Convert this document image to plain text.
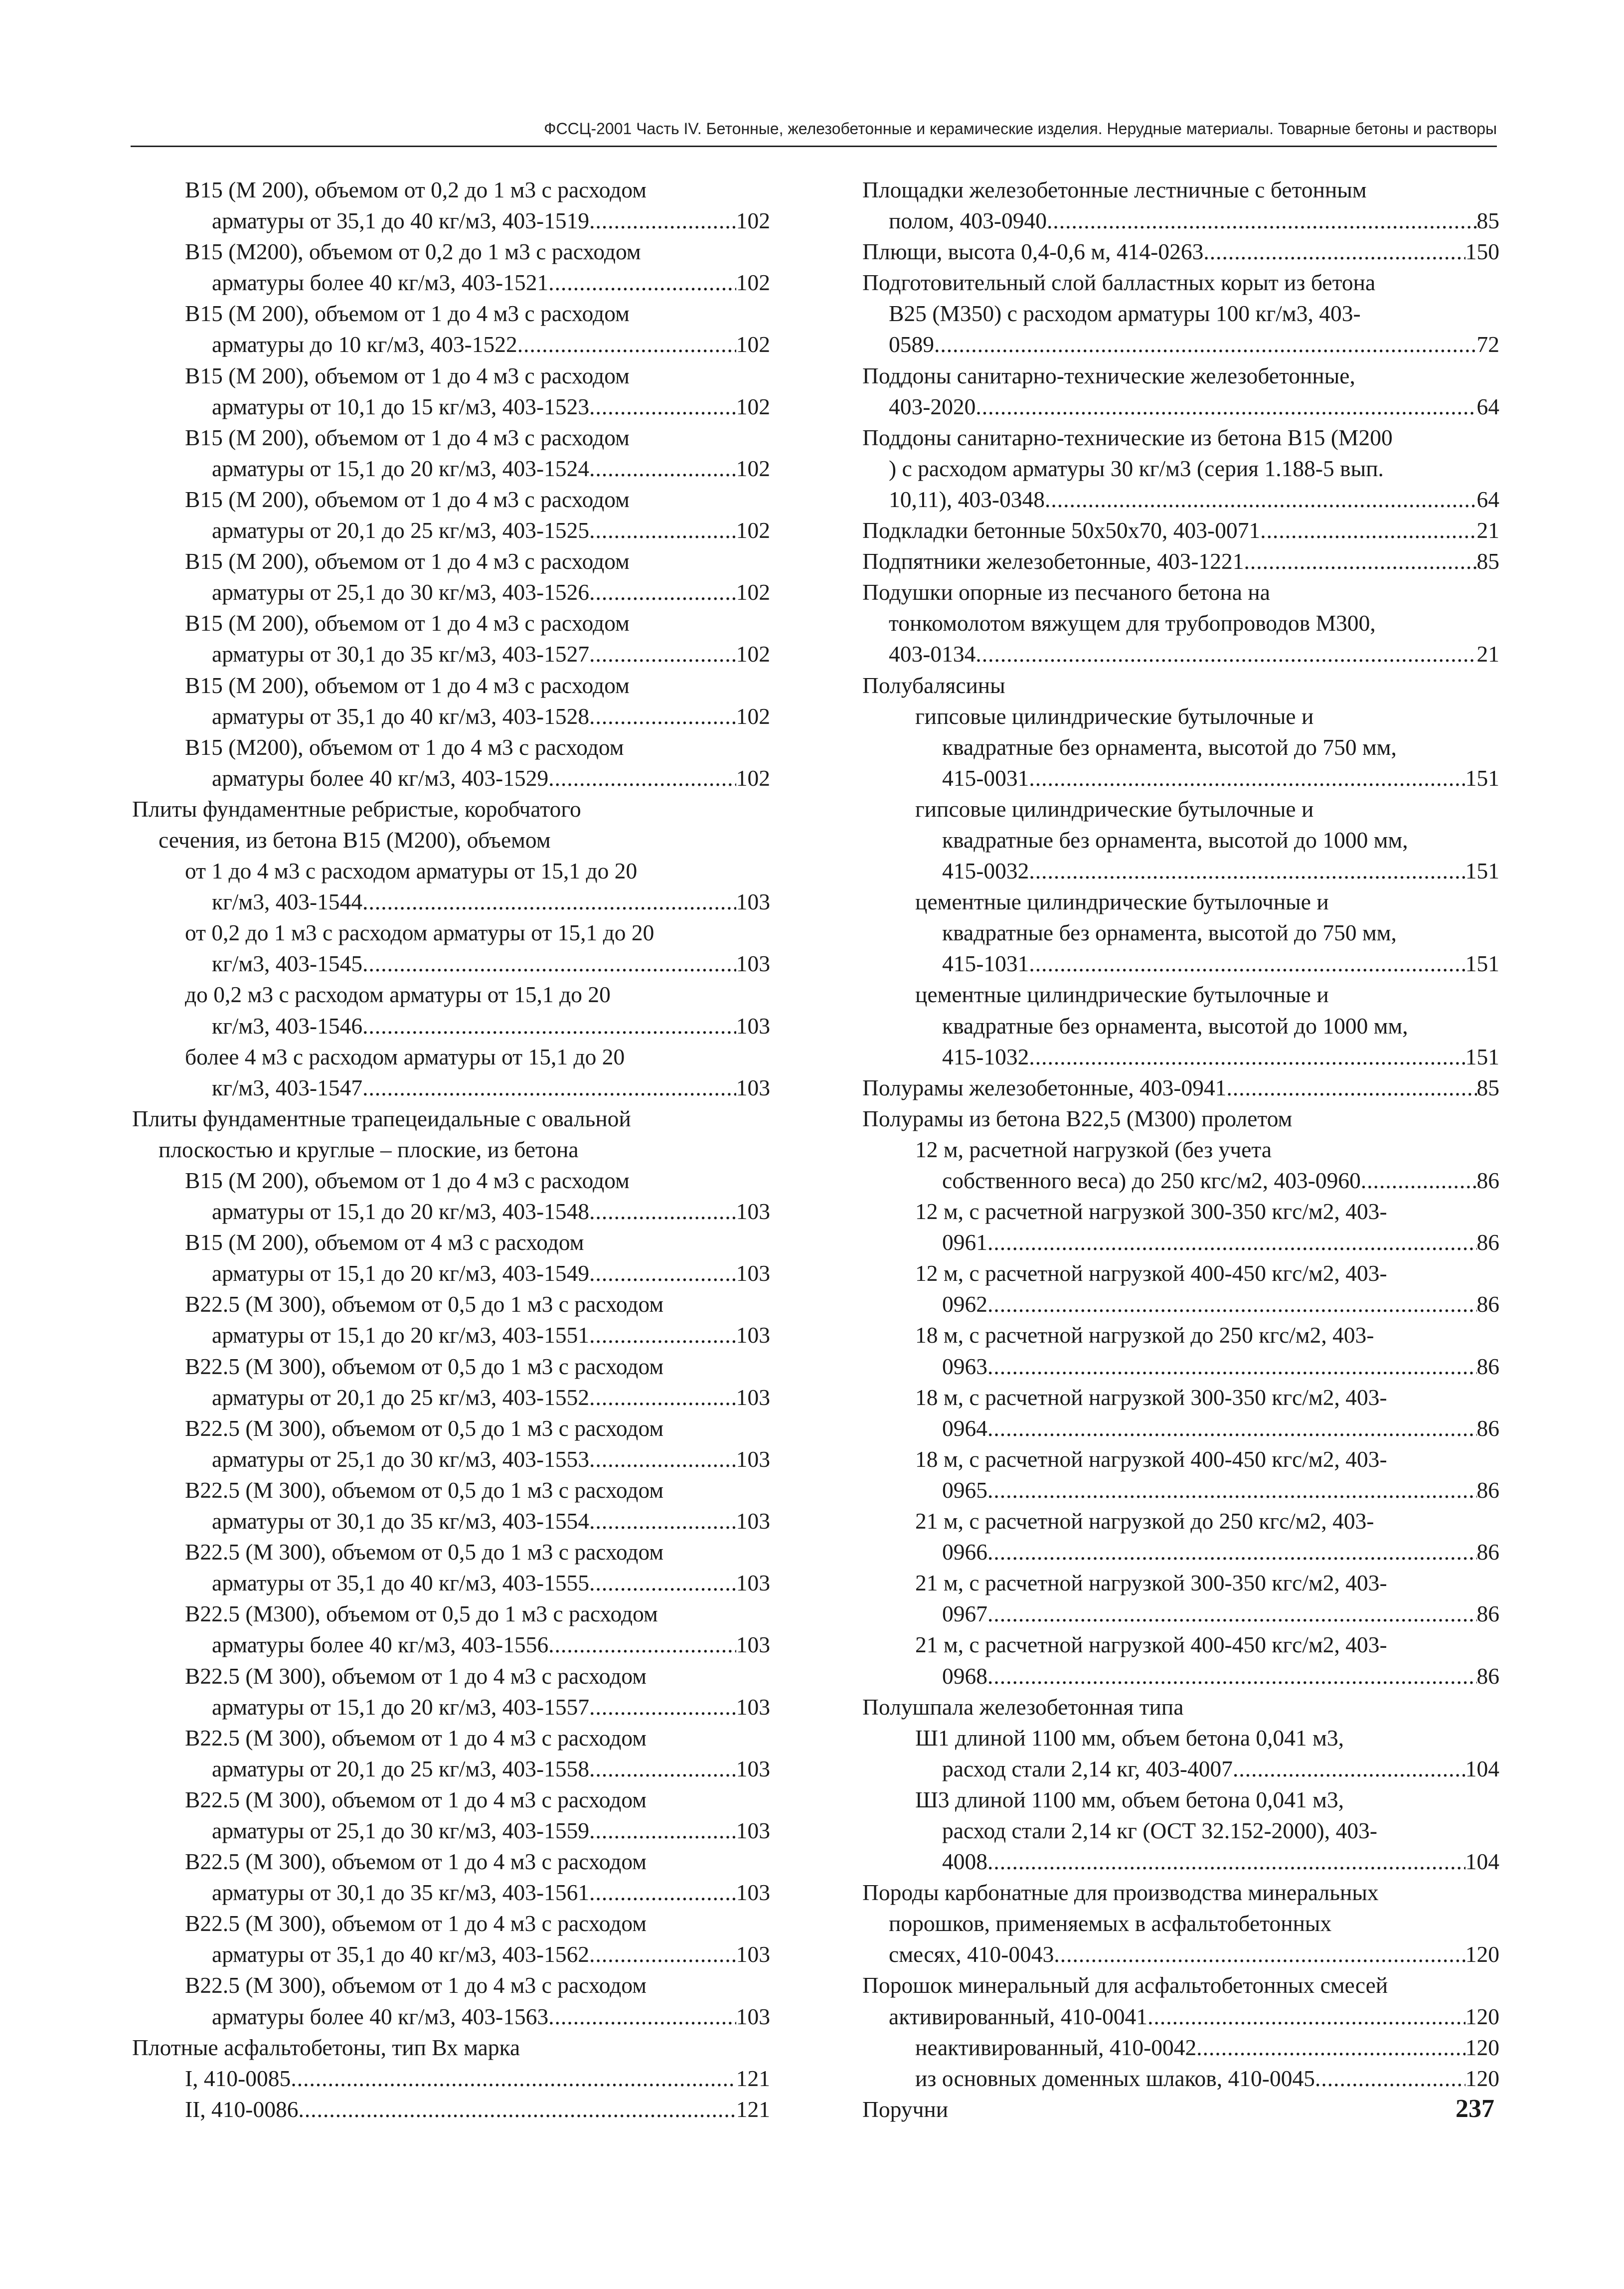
ФССЦ-2001 Часть IV. Бетонные, железобетонные и керамические изделия. Нерудные материалы. Товарные бетоны и растворы
B15 (M 200), объемом от 0,2 до 1 м3 с расходом
арматуры от 35,1 до 40 кг/м3, 403-1519 .....	102
B15 (M200), объемом от 0,2 до 1 м3 с расходом
арматуры более 40 кг/м3, 403-1521 .....	102
B15 (M 200), объемом от 1 до 4 м3 с расходом
арматуры до 10 кг/м3, 403-1522 .....	102
B15 (M 200), объемом от 1 до 4 м3 с расходом
арматуры от 10,1 до 15 кг/м3, 403-1523 .....	102
B15 (M 200), объемом от 1 до 4 м3 с расходом
арматуры от 15,1 до 20 кг/м3, 403-1524 .....	102
B15 (M 200), объемом от 1 до 4 м3 с расходом
арматуры от 20,1 до 25 кг/м3, 403-1525 .....	102
B15 (M 200), объемом от 1 до 4 м3 с расходом
арматуры от 25,1 до 30 кг/м3, 403-1526 .....	102
B15 (M 200), объемом от 1 до 4 м3 с расходом
арматуры от 30,1 до 35 кг/м3, 403-1527 .....	102
B15 (M 200), объемом от 1 до 4 м3 с расходом
арматуры от 35,1 до 40 кг/м3, 403-1528 .....	102
B15 (M200), объемом от 1 до 4 м3 с расходом
арматуры более 40 кг/м3, 403-1529 .....	102
Плиты фундаментные ребристые, коробчатого
сечения, из бетона B15 (M200), объемом
от 1 до 4 м3 с расходом арматуры от 15,1 до 20
кг/м3, 403-1544 .....	103
от 0,2 до 1 м3 с расходом арматуры от 15,1 до 20
кг/м3, 403-1545 .....	103
до 0,2 м3 с расходом арматуры от 15,1 до 20
кг/м3, 403-1546 .....	103
более 4 м3 с расходом арматуры от 15,1 до 20
кг/м3, 403-1547 .....	103
Плиты фундаментные трапецеидальные с овальной
плоскостью и круглые – плоские, из бетона
B15 (M 200), объемом от 1 до 4 м3 с расходом
арматуры от 15,1 до 20 кг/м3, 403-1548 .....	103
B15 (M 200), объемом от 4 м3 с расходом
арматуры от 15,1 до 20 кг/м3, 403-1549 .....	103
B22.5 (M 300), объемом от 0,5 до 1 м3 с расходом
арматуры от 15,1 до 20 кг/м3, 403-1551 .....	103
B22.5 (M 300), объемом от 0,5 до 1 м3 с расходом
арматуры от 20,1 до 25 кг/м3, 403-1552 .....	103
B22.5 (M 300), объемом от 0,5 до 1 м3 с расходом
арматуры от 25,1 до 30 кг/м3, 403-1553 .....	103
B22.5 (M 300), объемом от 0,5 до 1 м3 с расходом
арматуры от 30,1 до 35 кг/м3, 403-1554 .....	103
B22.5 (M 300), объемом от 0,5 до 1 м3 с расходом
арматуры от 35,1 до 40 кг/м3, 403-1555 .....	103
B22.5 (M300), объемом от 0,5 до 1 м3 с расходом
арматуры более 40 кг/м3, 403-1556 .....	103
B22.5 (M 300), объемом от 1 до 4 м3 с расходом
арматуры от 15,1 до 20 кг/м3, 403-1557 .....	103
B22.5 (M 300), объемом от 1 до 4 м3 с расходом
арматуры от 20,1 до 25 кг/м3, 403-1558 .....	103
B22.5 (M 300), объемом от 1 до 4 м3 с расходом
арматуры от 25,1 до 30 кг/м3, 403-1559 .....	103
B22.5 (M 300), объемом от 1 до 4 м3 с расходом
арматуры от 30,1 до 35 кг/м3, 403-1561 .....	103
B22.5 (M 300), объемом от 1 до 4 м3 с расходом
арматуры от 35,1 до 40 кг/м3, 403-1562 .....	103
B22.5 (M 300), объемом от 1 до 4 м3 с расходом
арматуры более 40 кг/м3, 403-1563 .....	103
Плотные асфальтобетоны, тип Вх марка
I, 410-0085 .....	121
II, 410-0086 .....	121
Площадки железобетонные лестничные с бетонным
полом, 403-0940 .....	85
Плющи, высота 0,4-0,6 м, 414-0263 .....	150
Подготовительный слой балластных корыт из бетона
B25 (M350) с расходом арматуры 100 кг/м3, 403-
0589 .....	72
Поддоны санитарно-технические железобетонные,
403-2020 .....	64
Поддоны санитарно-технические из бетона B15 (M200
) с расходом арматуры 30 кг/м3 (серия 1.188-5 вып.
10,11), 403-0348 .....	64
Подкладки бетонные 50x50x70, 403-0071 .....	21
Подпятники железобетонные, 403-1221 .....	85
Подушки опорные из песчаного бетона на
тонкомолотом вяжущем для трубопроводов M300,
403-0134 .....	21
Полубалясины
гипсовые цилиндрические бутылочные и
квадратные без орнамента, высотой до 750 мм,
415-0031 .....	151
гипсовые цилиндрические бутылочные и
квадратные без орнамента, высотой до 1000 мм,
415-0032 .....	151
цементные цилиндрические бутылочные и
квадратные без орнамента, высотой до 750 мм,
415-1031 .....	151
цементные цилиндрические бутылочные и
квадратные без орнамента, высотой до 1000 мм,
415-1032 .....	151
Полурамы железобетонные, 403-0941 .....	85
Полурамы из бетона B22,5 (M300) пролетом
12 м, расчетной нагрузкой (без учета
собственного веса) до 250 кгс/м2, 403-0960 .....	86
12 м, с расчетной нагрузкой 300-350 кгс/м2, 403-
0961 .....	86
12 м, с расчетной нагрузкой 400-450 кгс/м2, 403-
0962 .....	86
18 м, с расчетной нагрузкой до 250 кгс/м2, 403-
0963 .....	86
18 м, с расчетной нагрузкой 300-350 кгс/м2, 403-
0964 .....	86
18 м, с расчетной нагрузкой 400-450 кгс/м2, 403-
0965 .....	86
21 м, с расчетной нагрузкой до 250 кгс/м2, 403-
0966 .....	86
21 м, с расчетной нагрузкой 300-350 кгс/м2, 403-
0967 .....	86
21 м, с расчетной нагрузкой 400-450 кгс/м2, 403-
0968 .....	86
Полушпала железобетонная типа
Ш1 длиной 1100 мм, объем бетона 0,041 м3,
расход стали 2,14 кг, 403-4007 .....	104
Ш3 длиной 1100 мм, объем бетона 0,041 м3,
расход стали 2,14 кг (ОСТ 32.152-2000), 403-
4008 .....	104
Породы карбонатные для производства минеральных
порошков, применяемых в асфальтобетонных
смесях, 410-0043 .....	120
Порошок минеральный для асфальтобетонных смесей
активированный, 410-0041 .....	120
неактивированный, 410-0042 .....	120
из основных доменных шлаков, 410-0045 .....	120
Поручни	237
